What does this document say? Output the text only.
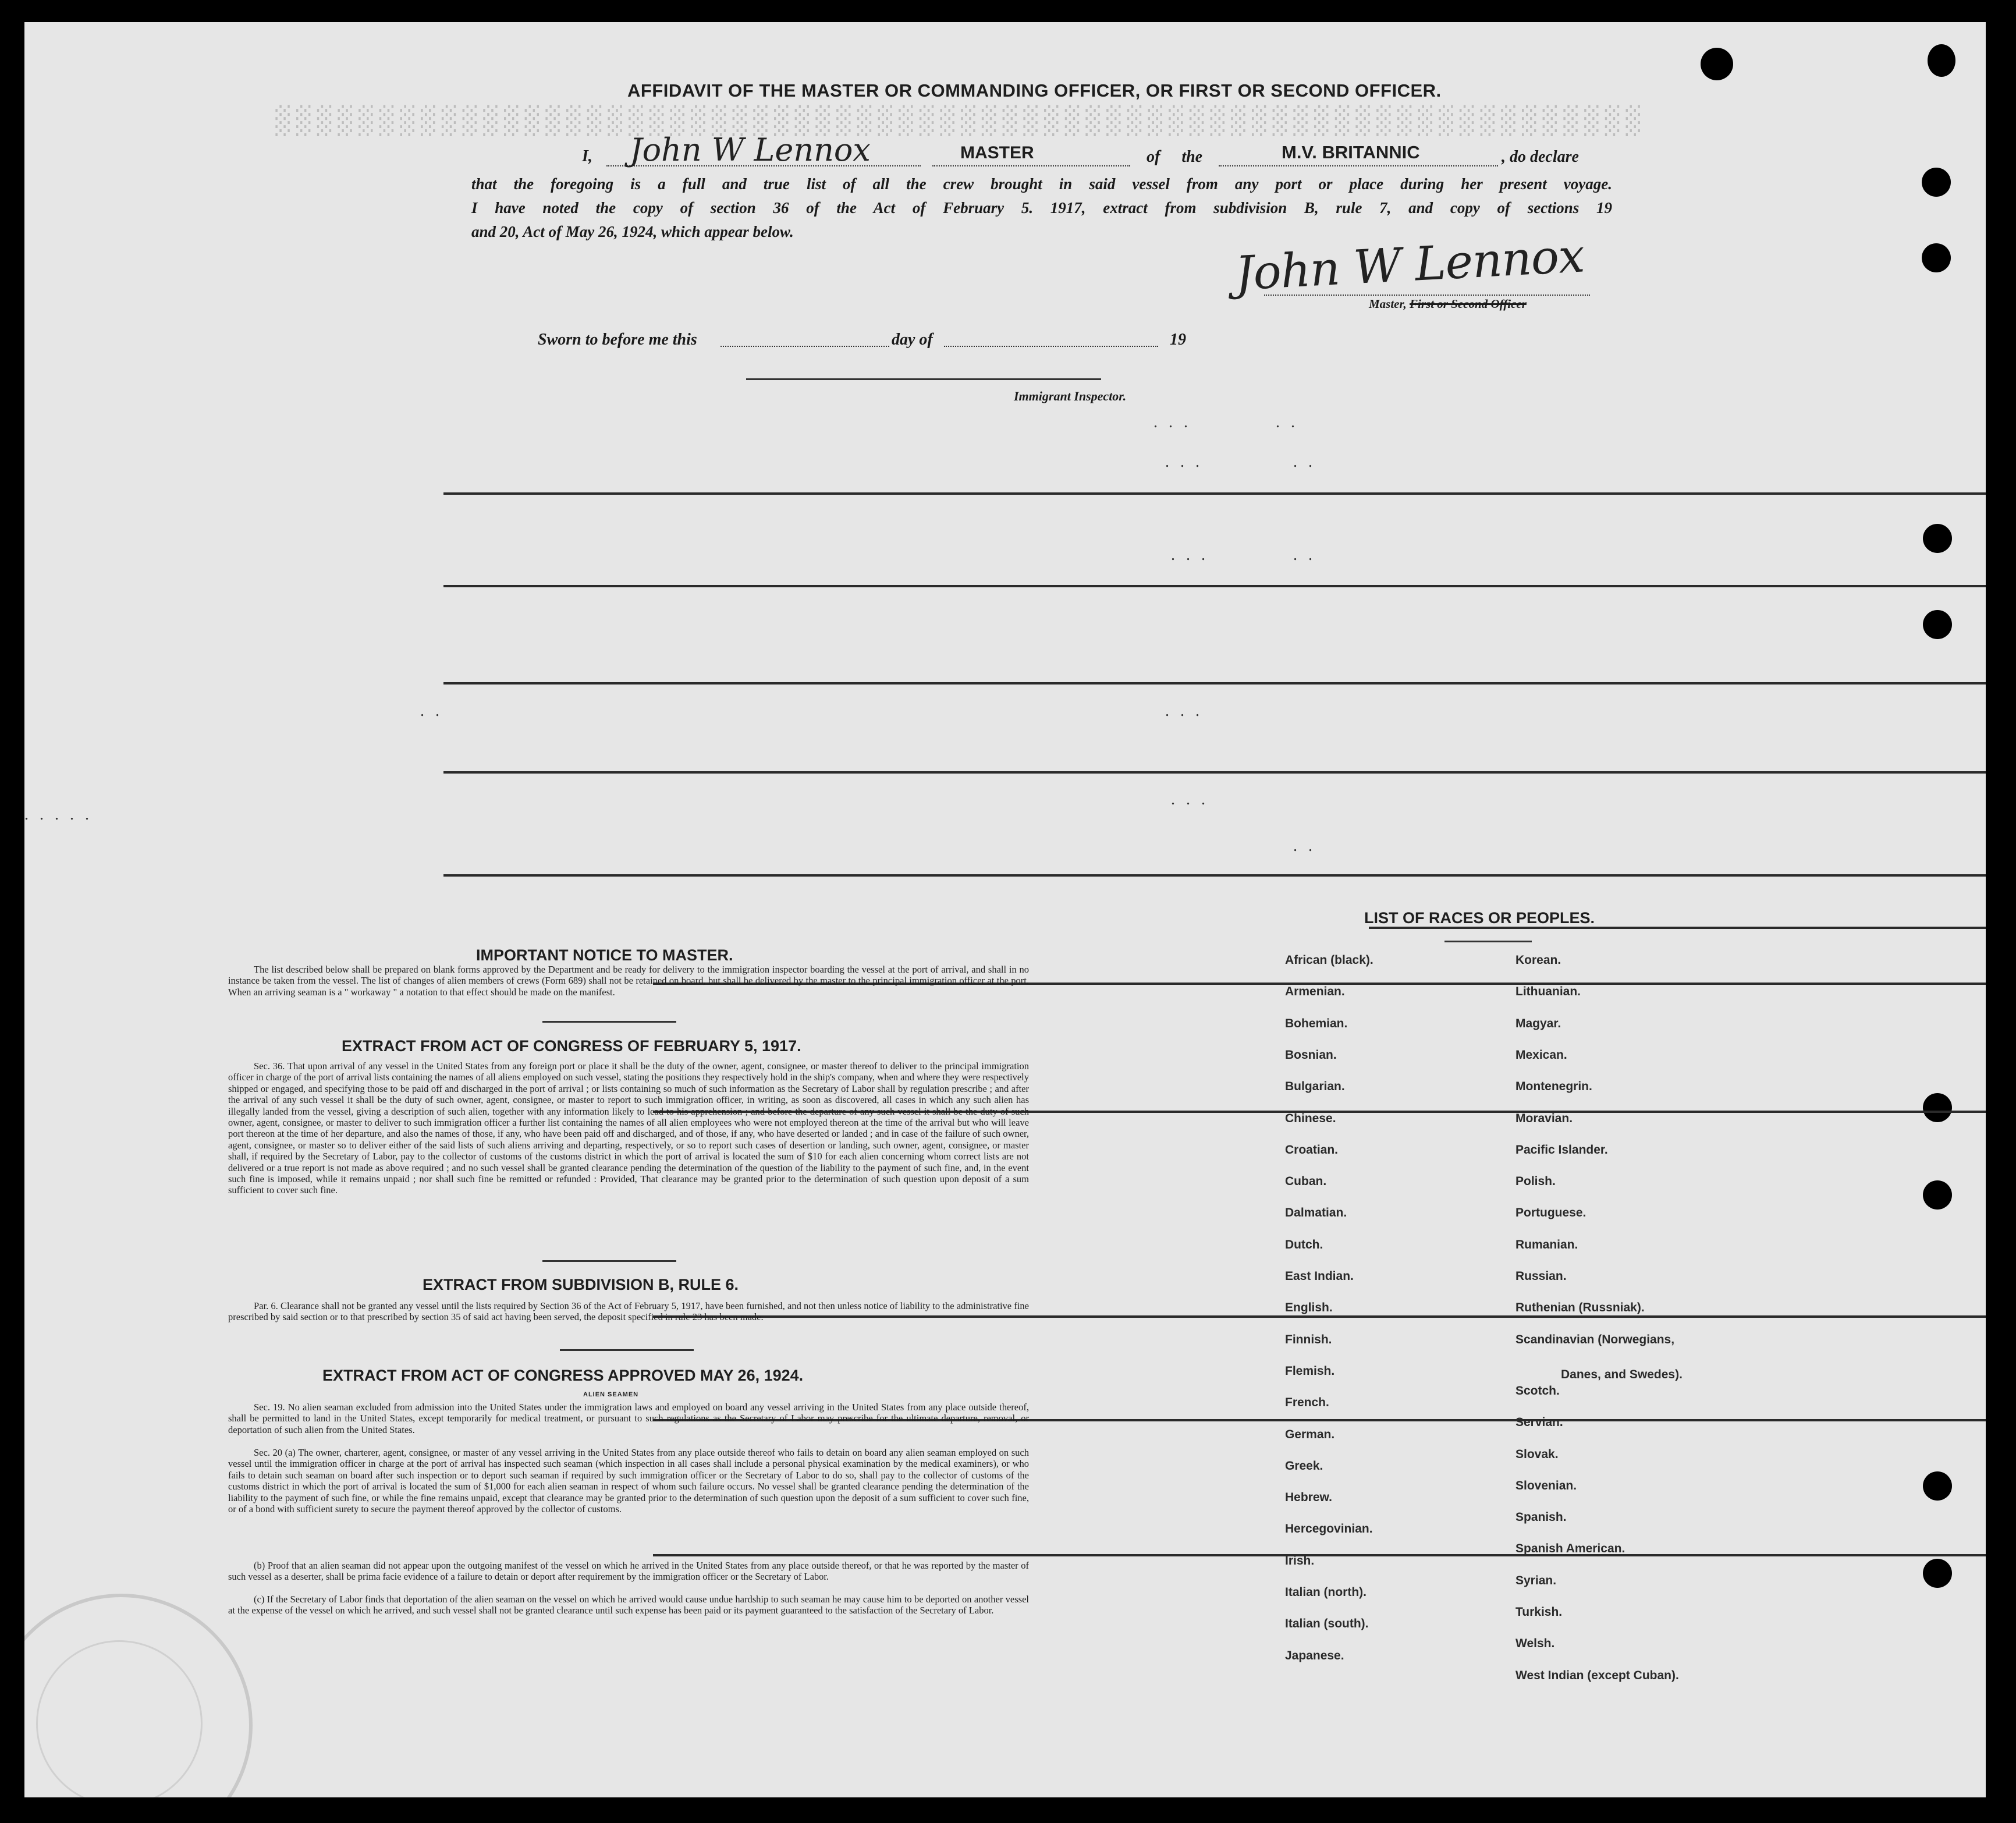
░░░░░░░░░░░░░░░░░░░░░░░░░░░░░░░░░░░░░░░░░░░░░░░░░░░░░░░░░░░░░░░░░░
AFFIDAVIT OF THE MASTER OR COMMANDING OFFICER, OR FIRST OR SECOND OFFICER.
I, John W Lennox	MASTER	of the	M.V. BRITANNIC	, do declare
that the foregoing is a full and true list of all the crew brought in said vessel from any port or place during her present voyage.
I have noted the copy of section 36 of the Act of February 5. 1917, extract from subdivision B, rule 7, and copy of sections 19
and 20, Act of May 26, 1924, which appear below.	John W Lennox
Master, First or Second Officer
Sworn to before me this	day of	19
Immigrant Inspector.
. . .	. .
. . .	. .
. . .	. .
. .	. . .
. . .
. . . . .
. .
IMPORTANT NOTICE TO MASTER.
The list described below shall be prepared on blank forms approved by the Department and be ready for delivery to the immigration inspector boarding the vessel at the port of arrival, and shall in no instance be taken from the vessel. The list of changes of alien members of crews (Form 689) shall not be retained on board, but shall be delivered by the master to the principal immigration officer at the port. When an arriving seaman is a " workaway " a notation to that effect should be made on the manifest.
EXTRACT FROM ACT OF CONGRESS OF FEBRUARY 5, 1917.
Sec. 36. That upon arrival of any vessel in the United States from any foreign port or place it shall be the duty of the owner, agent, consignee, or master thereof to deliver to the principal immigration officer in charge of the port of arrival lists containing the names of all aliens employed on such vessel, stating the positions they respectively hold in the ship's company, when and where they were respectively shipped or engaged, and specifying those to be paid off and discharged in the port of arrival ; or lists containing so much of such information as the Secretary of Labor shall by regulation prescribe ; and after the arrival of any such vessel it shall be the duty of such owner, agent, consignee, or master to report to such immigration officer, in writing, as soon as discovered, all cases in which any such alien has illegally landed from the vessel, giving a description of such alien, together with any information likely to lead to his apprehension ; and before the departure of any such vessel it shall be the duty of such owner, agent, consignee, or master to deliver to such immigration officer a further list containing the names of all alien employees who were not employed thereon at the time of the arrival but who will leave port thereon at the time of her departure, and also the names of those, if any, who have been paid off and discharged, and of those, if any, who have deserted or landed ; and in case of the failure of such owner, agent, consignee, or master so to deliver either of the said lists of such aliens arriving and departing, respectively, or so to report such cases of desertion or landing, such owner, agent, consignee, or master shall, if required by the Secretary of Labor, pay to the collector of customs of the customs district in which the port of arrival is located the sum of $10 for each alien concerning whom correct lists are not delivered or a true report is not made as above required ; and no such vessel shall be granted clearance pending the determination of the question of the liability to the payment of such fine, and, in the event such fine is imposed, while it remains unpaid ; nor shall such fine be remitted or refunded : Provided, That clearance may be granted prior to the determination of such question upon deposit of a sum sufficient to cover such fine.
EXTRACT FROM SUBDIVISION B, RULE 6.
Par. 6. Clearance shall not be granted any vessel until the lists required by Section 36 of the Act of February 5, 1917, have been furnished, and not then unless notice of liability to the administrative fine prescribed by said section or to that prescribed by section 35 of said act having been served, the deposit specified in rule 23 has been made.
EXTRACT FROM ACT OF CONGRESS APPROVED MAY 26, 1924.
ALIEN SEAMEN
Sec. 19. No alien seaman excluded from admission into the United States under the immigration laws and employed on board any vessel arriving in the United States from any place outside thereof, shall be permitted to land in the United States, except temporarily for medical treatment, or pursuant to such regulations as the Secretary of Labor may prescribe for the ultimate departure, removal, or deportation of such alien from the United States.
Sec. 20 (a) The owner, charterer, agent, consignee, or master of any vessel arriving in the United States from any place outside thereof who fails to detain on board any alien seaman employed on such vessel until the immigration officer in charge at the port of arrival has inspected such seaman (which inspection in all cases shall include a personal physical examination by the medical examiners), or who fails to detain such seaman on board after such inspection or to deport such seaman if required by such immigration officer or the Secretary of Labor to do so, shall pay to the collector of customs of the customs district in which the port of arrival is located the sum of $1,000 for each alien seaman in respect of whom such failure occurs. No vessel shall be granted clearance pending the determination of the liability to the payment of such fine, or while the fine remains unpaid, except that clearance may be granted prior to the determination of such question upon the deposit of a sum sufficient to cover such fine, or of a bond with sufficient surety to secure the payment thereof approved by the collector of customs.
(b) Proof that an alien seaman did not appear upon the outgoing manifest of the vessel on which he arrived in the United States from any place outside thereof, or that he was reported by the master of such vessel as a deserter, shall be prima facie evidence of a failure to detain or deport after requirement by the immigration officer or the Secretary of Labor.
(c) If the Secretary of Labor finds that deportation of the alien seaman on the vessel on which he arrived would cause undue hardship to such seaman he may cause him to be deported on another vessel at the expense of the vessel on which he arrived, and such vessel shall not be granted clearance until such expense has been paid or its payment guaranteed to the satisfaction of the Secretary of Labor.
LIST OF RACES OR PEOPLES.
Danes, and Swedes).
African (black).
Armenian.
Bohemian.
Bosnian.
Bulgarian.
Chinese.
Croatian.
Cuban.
Dalmatian.
Dutch.
East Indian.
English.
Finnish.
Flemish.
French.
German.
Greek.
Hebrew.
Hercegovinian.
Irish.
Italian (north).
Italian (south).
Japanese.
Korean.
Lithuanian.
Magyar.
Mexican.
Montenegrin.
Moravian.
Pacific Islander.
Polish.
Portuguese.
Rumanian.
Russian.
Ruthenian (Russniak).
Scandinavian (Norwegians,
Scotch.
Servian.
Slovak.
Slovenian.
Spanish.
Spanish American.
Syrian.
Turkish.
Welsh.
West Indian (except Cuban).
